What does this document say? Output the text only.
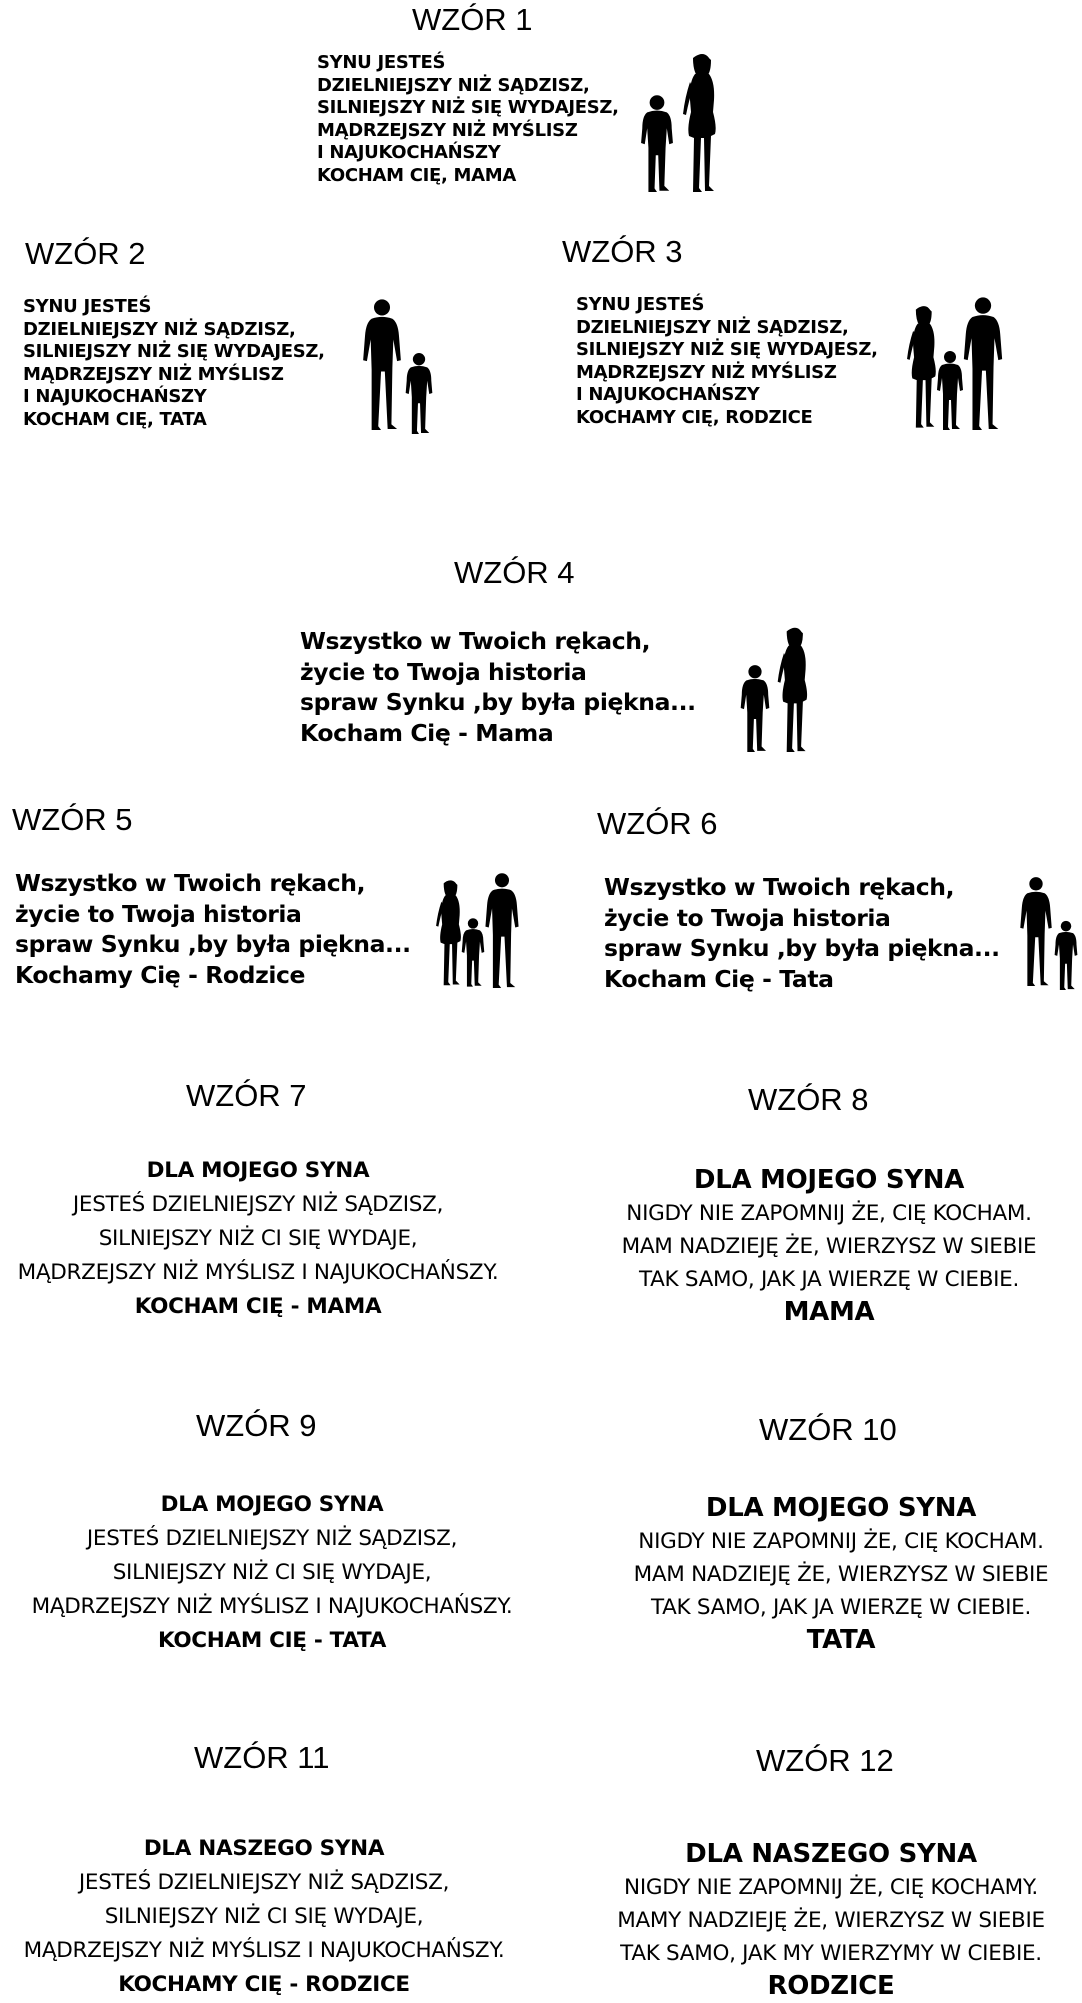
WZÓR 1
SYNU JESTEŚ
DZIELNIEJSZY NIŻ SĄDZISZ,
SILNIEJSZY NIŻ SIĘ WYDAJESZ,
MĄDRZEJSZY NIŻ MYŚLISZ
I NAJUKOCHAŃSZY
KOCHAM CIĘ, MAMA
WZÓR 2
SYNU JESTEŚ
DZIELNIEJSZY NIŻ SĄDZISZ,
SILNIEJSZY NIŻ SIĘ WYDAJESZ,
MĄDRZEJSZY NIŻ MYŚLISZ
I NAJUKOCHAŃSZY
KOCHAM CIĘ, TATA
WZÓR 3
SYNU JESTEŚ
DZIELNIEJSZY NIŻ SĄDZISZ,
SILNIEJSZY NIŻ SIĘ WYDAJESZ,
MĄDRZEJSZY NIŻ MYŚLISZ
I NAJUKOCHAŃSZY
KOCHAMY CIĘ, RODZICE
WZÓR 4
Wszystko w Twoich rękach,
życie to Twoja historia
spraw Synku ,by była piękna...
Kocham Cię - Mama
WZÓR 5
Wszystko w Twoich rękach,
życie to Twoja historia
spraw Synku ,by była piękna...
Kochamy Cię - Rodzice
WZÓR 6
Wszystko w Twoich rękach,
życie to Twoja historia
spraw Synku ,by była piękna...
Kocham Cię - Tata
WZÓR 7
DLA MOJEGO SYNA
JESTEŚ DZIELNIEJSZY NIŻ SĄDZISZ,
SILNIEJSZY NIŻ CI SIĘ WYDAJE,
MĄDRZEJSZY NIŻ MYŚLISZ I NAJUKOCHAŃSZY.
KOCHAM CIĘ - MAMA
WZÓR 8
DLA MOJEGO SYNA
NIGDY NIE ZAPOMNIJ ŻE, CIĘ KOCHAM.
MAM NADZIEJĘ ŻE, WIERZYSZ W SIEBIE
TAK SAMO, JAK JA WIERZĘ W CIEBIE.
MAMA
WZÓR 9
DLA MOJEGO SYNA
JESTEŚ DZIELNIEJSZY NIŻ SĄDZISZ,
SILNIEJSZY NIŻ CI SIĘ WYDAJE,
MĄDRZEJSZY NIŻ MYŚLISZ I NAJUKOCHAŃSZY.
KOCHAM CIĘ - TATA
WZÓR 10
DLA MOJEGO SYNA
NIGDY NIE ZAPOMNIJ ŻE, CIĘ KOCHAM.
MAM NADZIEJĘ ŻE, WIERZYSZ W SIEBIE
TAK SAMO, JAK JA WIERZĘ W CIEBIE.
TATA
WZÓR 11
DLA NASZEGO SYNA
JESTEŚ DZIELNIEJSZY NIŻ SĄDZISZ,
SILNIEJSZY NIŻ CI SIĘ WYDAJE,
MĄDRZEJSZY NIŻ MYŚLISZ I NAJUKOCHAŃSZY.
KOCHAMY CIĘ - RODZICE
WZÓR 12
DLA NASZEGO SYNA
NIGDY NIE ZAPOMNIJ ŻE, CIĘ KOCHAMY.
MAMY NADZIEJĘ ŻE, WIERZYSZ W SIEBIE
TAK SAMO, JAK MY WIERZYMY W CIEBIE.
RODZICE
